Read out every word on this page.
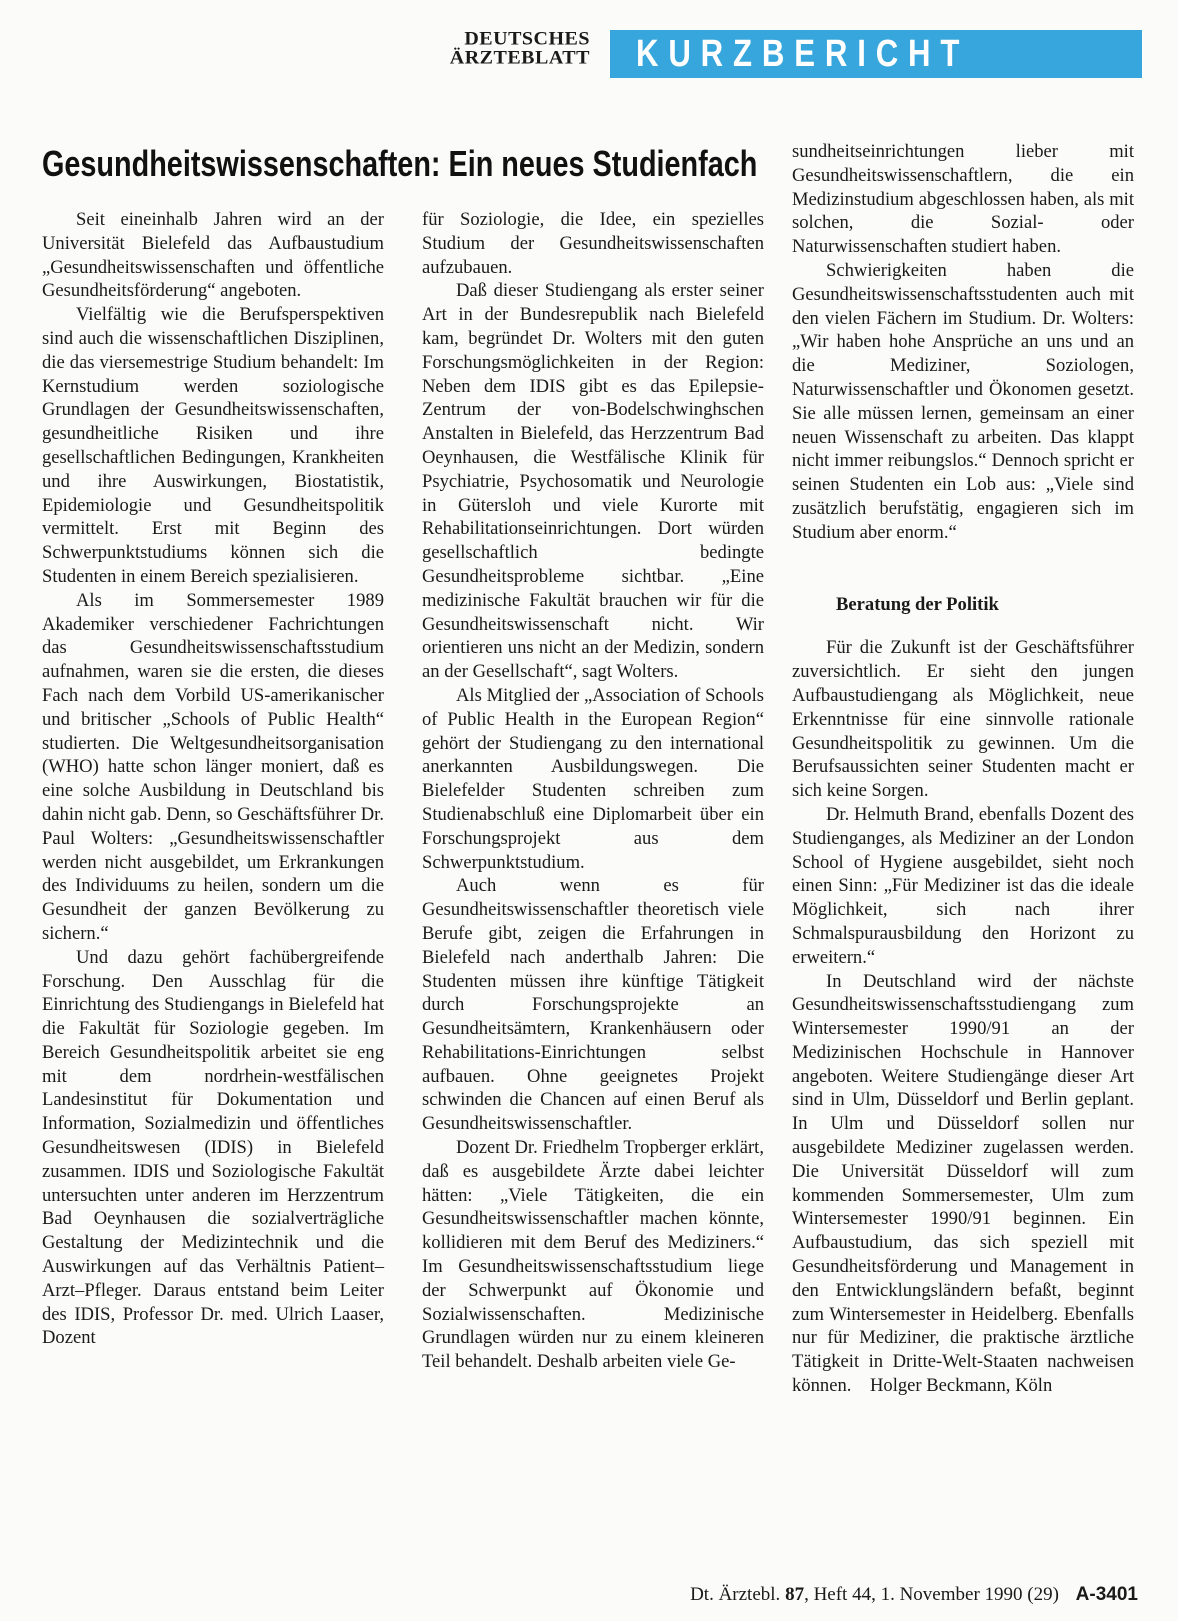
DEUTSCHES
ÄRZTEBLATT KURZBERICHT
Gesundheitswissenschaften: Ein neues Studienfach

Seit eineinhalb Jahren wird an der Universität Bielefeld das Aufbaustudium „Gesundheitswissenschaften und öffentliche Gesundheitsförderung“ angeboten.

Vielfältig wie die Berufsperspektiven sind auch die wissenschaftlichen Disziplinen, die das viersemestrige Studium behandelt: Im Kernstudium werden soziologische Grundlagen der Gesundheitswissenschaften, gesundheitliche Risiken und ihre gesellschaftlichen Bedingungen, Krankheiten und ihre Auswirkungen, Biostatistik, Epidemiologie und Gesundheitspolitik vermittelt. Erst mit Beginn des Schwerpunktstudiums können sich die Studenten in einem Bereich spezialisieren.

Als im Sommersemester 1989 Akademiker verschiedener Fachrichtungen das Gesundheitswissenschaftsstudium aufnahmen, waren sie die ersten, die dieses Fach nach dem Vorbild US-amerikanischer und britischer „Schools of Public Health“ studierten. Die Weltgesundheitsorganisation (WHO) hatte schon länger moniert, daß es eine solche Ausbildung in Deutschland bis dahin nicht gab. Denn, so Geschäftsführer Dr. Paul Wolters: „Gesundheitswissenschaftler werden nicht ausgebildet, um Erkrankungen des Individuums zu heilen, sondern um die Gesundheit der ganzen Bevölkerung zu sichern.“

Und dazu gehört fachübergreifende Forschung. Den Ausschlag für die Einrichtung des Studiengangs in Bielefeld hat die Fakultät für Soziologie gegeben. Im Bereich Gesundheitspolitik arbeitet sie eng mit dem nordrhein-westfälischen Landesinstitut für Dokumentation und Information, Sozialmedizin und öffentliches Gesundheitswesen (IDIS) in Bielefeld zusammen. IDIS und Soziologische Fakultät untersuchten unter anderen im Herzzentrum Bad Oeynhausen die sozialverträgliche Gestaltung der Medizintechnik und die Auswirkungen auf das Verhältnis Patient–Arzt–Pfleger. Daraus entstand beim Leiter des IDIS, Professor Dr. med. Ulrich Laaser, Dozent

für Soziologie, die Idee, ein spezielles Studium der Gesundheitswissenschaften aufzubauen.

Daß dieser Studiengang als erster seiner Art in der Bundesrepublik nach Bielefeld kam, begründet Dr. Wolters mit den guten Forschungsmöglichkeiten in der Region: Neben dem IDIS gibt es das Epilepsie-Zentrum der von-Bodelschwinghschen Anstalten in Bielefeld, das Herzzentrum Bad Oeynhausen, die Westfälische Klinik für Psychiatrie, Psychosomatik und Neurologie in Gütersloh und viele Kurorte mit Rehabilitationseinrichtungen. Dort würden gesellschaftlich bedingte Gesundheitsprobleme sichtbar. „Eine medizinische Fakultät brauchen wir für die Gesundheitswissenschaft nicht. Wir orientieren uns nicht an der Medizin, sondern an der Gesellschaft“, sagt Wolters.

Als Mitglied der „Association of Schools of Public Health in the European Region“ gehört der Studiengang zu den international anerkannten Ausbildungswegen. Die Bielefelder Studenten schreiben zum Studienabschluß eine Diplomarbeit über ein Forschungsprojekt aus dem Schwerpunktstudium.

Auch wenn es für Gesundheitswissenschaftler theoretisch viele Berufe gibt, zeigen die Erfahrungen in Bielefeld nach anderthalb Jahren: Die Studenten müssen ihre künftige Tätigkeit durch Forschungsprojekte an Gesundheitsämtern, Krankenhäusern oder Rehabilitations-Einrichtungen selbst aufbauen. Ohne geeignetes Projekt schwinden die Chancen auf einen Beruf als Gesundheitswissenschaftler.

Dozent Dr. Friedhelm Tropberger erklärt, daß es ausgebildete Ärzte dabei leichter hätten: „Viele Tätigkeiten, die ein Gesundheitswissenschaftler machen könnte, kollidieren mit dem Beruf des Mediziners.“ Im Gesundheitswissenschaftsstudium liege der Schwerpunkt auf Ökonomie und Sozialwissenschaften. Medizinische Grundlagen würden nur zu einem kleineren Teil behandelt. Deshalb arbeiten viele Ge-

sundheitseinrichtungen lieber mit Gesundheitswissenschaftlern, die ein Medizinstudium abgeschlossen haben, als mit solchen, die Sozial- oder Naturwissenschaften studiert haben.

Schwierigkeiten haben die Gesundheitswissenschaftsstudenten auch mit den vielen Fächern im Studium. Dr. Wolters: „Wir haben hohe Ansprüche an uns und an die Mediziner, Soziologen, Naturwissenschaftler und Ökonomen gesetzt. Sie alle müssen lernen, gemeinsam an einer neuen Wissenschaft zu arbeiten. Das klappt nicht immer reibungslos.“ Dennoch spricht er seinen Studenten ein Lob aus: „Viele sind zusätzlich berufstätig, engagieren sich im Studium aber enorm.“

Beratung der Politik

Für die Zukunft ist der Geschäftsführer zuversichtlich. Er sieht den jungen Aufbaustudiengang als Möglichkeit, neue Erkenntnisse für eine sinnvolle rationale Gesundheitspolitik zu gewinnen. Um die Berufsaussichten seiner Studenten macht er sich keine Sorgen.

Dr. Helmuth Brand, ebenfalls Dozent des Studienganges, als Mediziner an der London School of Hygiene ausgebildet, sieht noch einen Sinn: „Für Mediziner ist das die ideale Möglichkeit, sich nach ihrer Schmalspurausbildung den Horizont zu erweitern.“

In Deutschland wird der nächste Gesundheitswissenschaftsstudiengang zum Wintersemester 1990/91 an der Medizinischen Hochschule in Hannover angeboten. Weitere Studiengänge dieser Art sind in Ulm, Düsseldorf und Berlin geplant. In Ulm und Düsseldorf sollen nur ausgebildete Mediziner zugelassen werden. Die Universität Düsseldorf will zum kommenden Sommersemester, Ulm zum Wintersemester 1990/91 beginnen. Ein Aufbaustudium, das sich speziell mit Gesundheitsförderung und Management in den Entwicklungsländern befaßt, beginnt zum Wintersemester in Heidelberg. Ebenfalls nur für Mediziner, die praktische ärztliche Tätigkeit in Dritte-Welt-Staaten nachweisen können. Holger Beckmann, Köln

Dt. Ärztebl. 87, Heft 44, 1. November 1990 (29) A-3401
